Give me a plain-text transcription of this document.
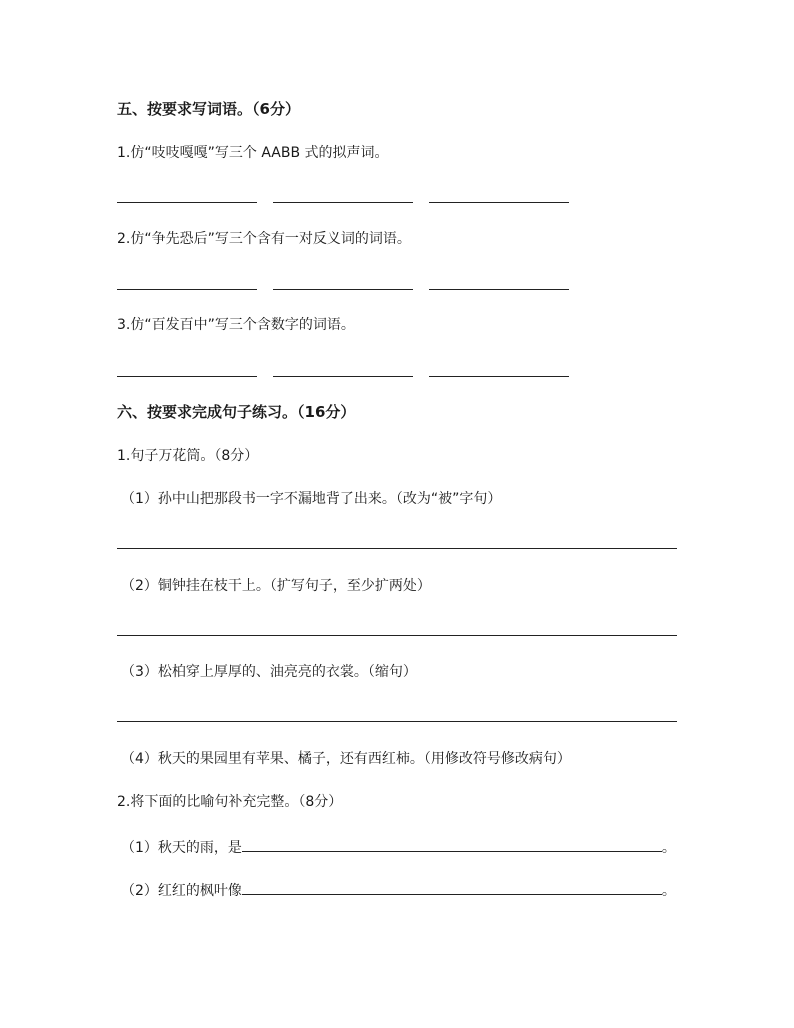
五、按要求写词语。（6分）
1.仿“吱吱嘎嘎”写三个 AABB 式的拟声词。
2.仿“争先恐后”写三个含有一对反义词的词语。
3.仿“百发百中”写三个含数字的词语。
六、按要求完成句子练习。（16分）
1.句子万花筒。（8分）
（1）孙中山把那段书一字不漏地背了出来。（改为“被”字句）
（2）铜钟挂在枝干上。（扩写句子，至少扩两处）
（3）松柏穿上厚厚的、油亮亮的衣裳。（缩句）
（4）秋天的果园里有苹果、橘子，还有西红柿。（用修改符号修改病句）
2.将下面的比喻句补充完整。（8分）
（1）秋天的雨，是	。
（2）红红的枫叶像	。
